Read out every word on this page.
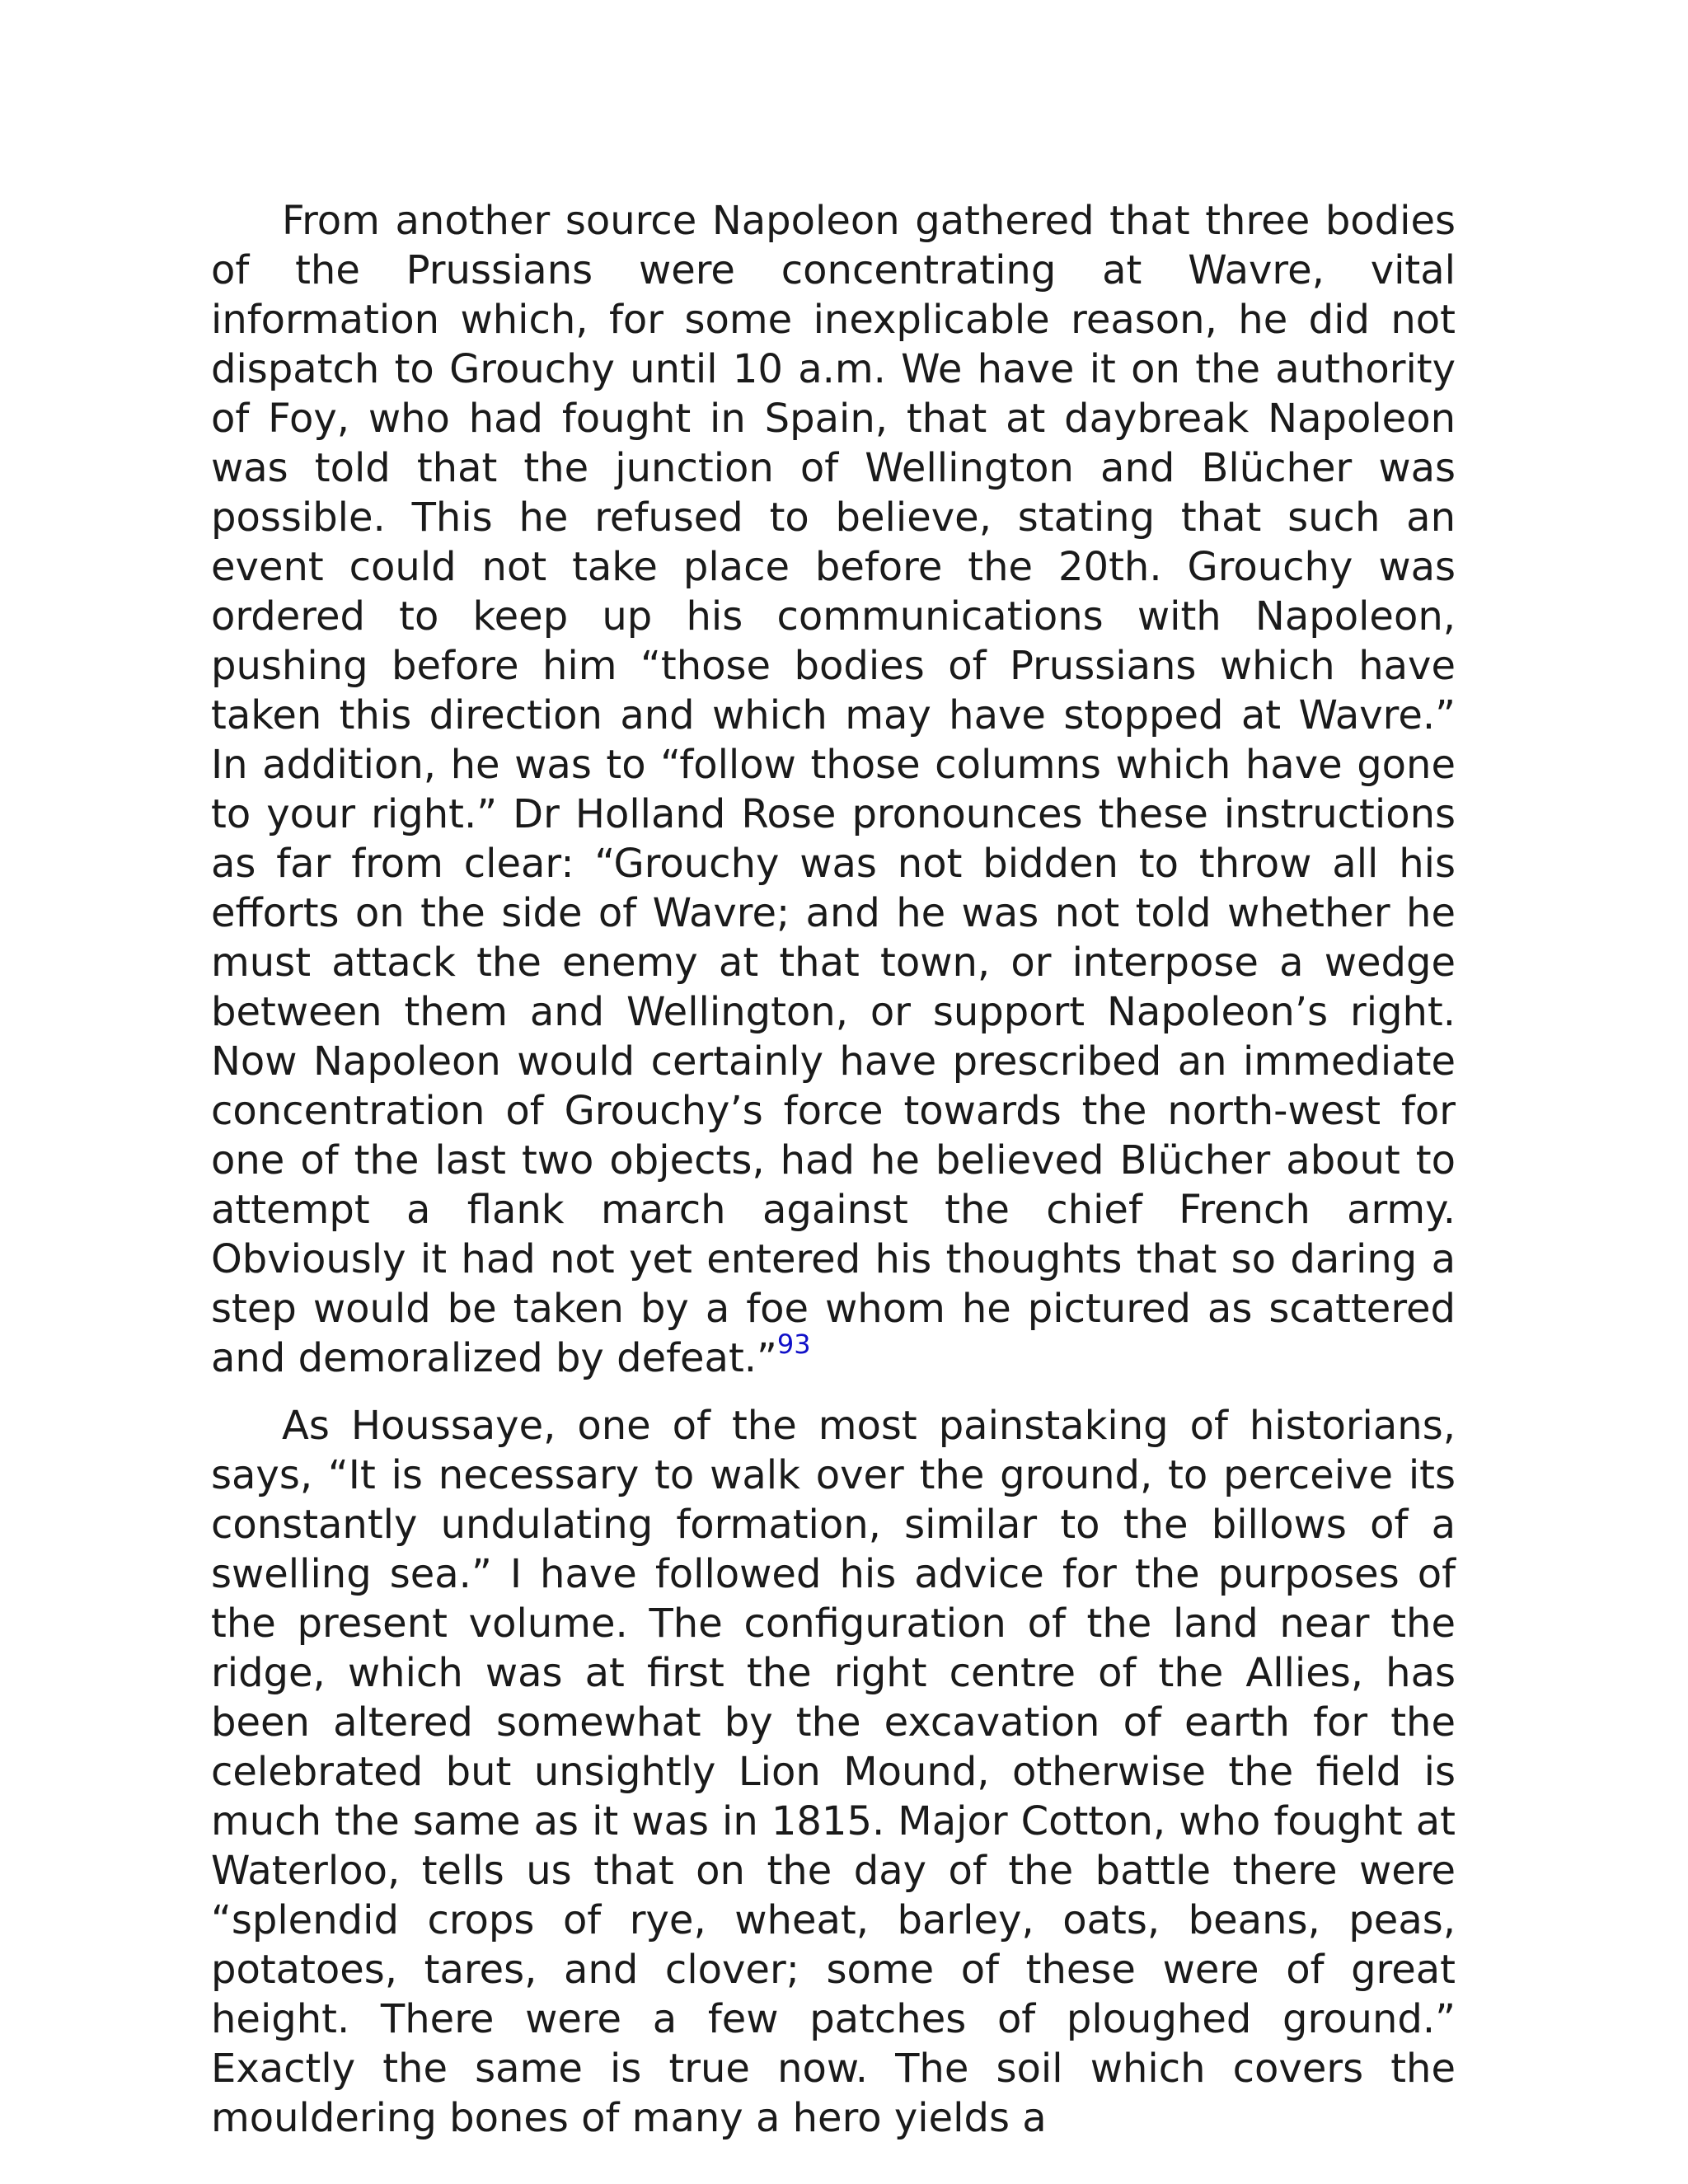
From another source Napoleon gathered that three bodies of the Prussians were concentrating at Wavre, vital information which, for some inexplicable reason, he did not dispatch to Grouchy until 10 a.m. We have it on the authority of Foy, who had fought in Spain, that at daybreak Napoleon was told that the junction of Wellington and Blücher was possible. This he refused to believe, stating that such an event could not take place before the 20th. Grouchy was ordered to keep up his communications with Napoleon, pushing before him “those bodies of Prussians which have taken this direction and which may have stopped at Wavre.” In addition, he was to “follow those columns which have gone to your right.” Dr Holland Rose pronounces these instructions as far from clear: “Grouchy was not bidden to throw all his efforts on the side of Wavre; and he was not told whether he must attack the enemy at that town, or interpose a wedge between them and Wellington, or support Napoleon’s right. Now Napoleon would certainly have prescribed an immediate concentration of Grouchy’s force towards the north-west for one of the last two objects, had he believed Blücher about to attempt a flank march against the chief French army. Obviously it had not yet entered his thoughts that so daring a step would be taken by a foe whom he pictured as scattered and demoralized by defeat.”$^{93}$

As Houssaye, one of the most painstaking of historians, says, “It is necessary to walk over the ground, to perceive its constantly undulating formation, similar to the billows of a swelling sea.” I have followed his advice for the purposes of the present volume. The configuration of the land near the ridge, which was at first the right centre of the Allies, has been altered somewhat by the excavation of earth for the celebrated but unsightly Lion Mound, otherwise the field is much the same as it was in 1815. Major Cotton, who fought at Waterloo, tells us that on the day of the battle there were “splendid crops of rye, wheat, barley, oats, beans, peas, potatoes, tares, and clover; some of these were of great height. There were a few patches of ploughed ground.” Exactly the same is true now. The soil which covers the mouldering bones of many a hero yields a
